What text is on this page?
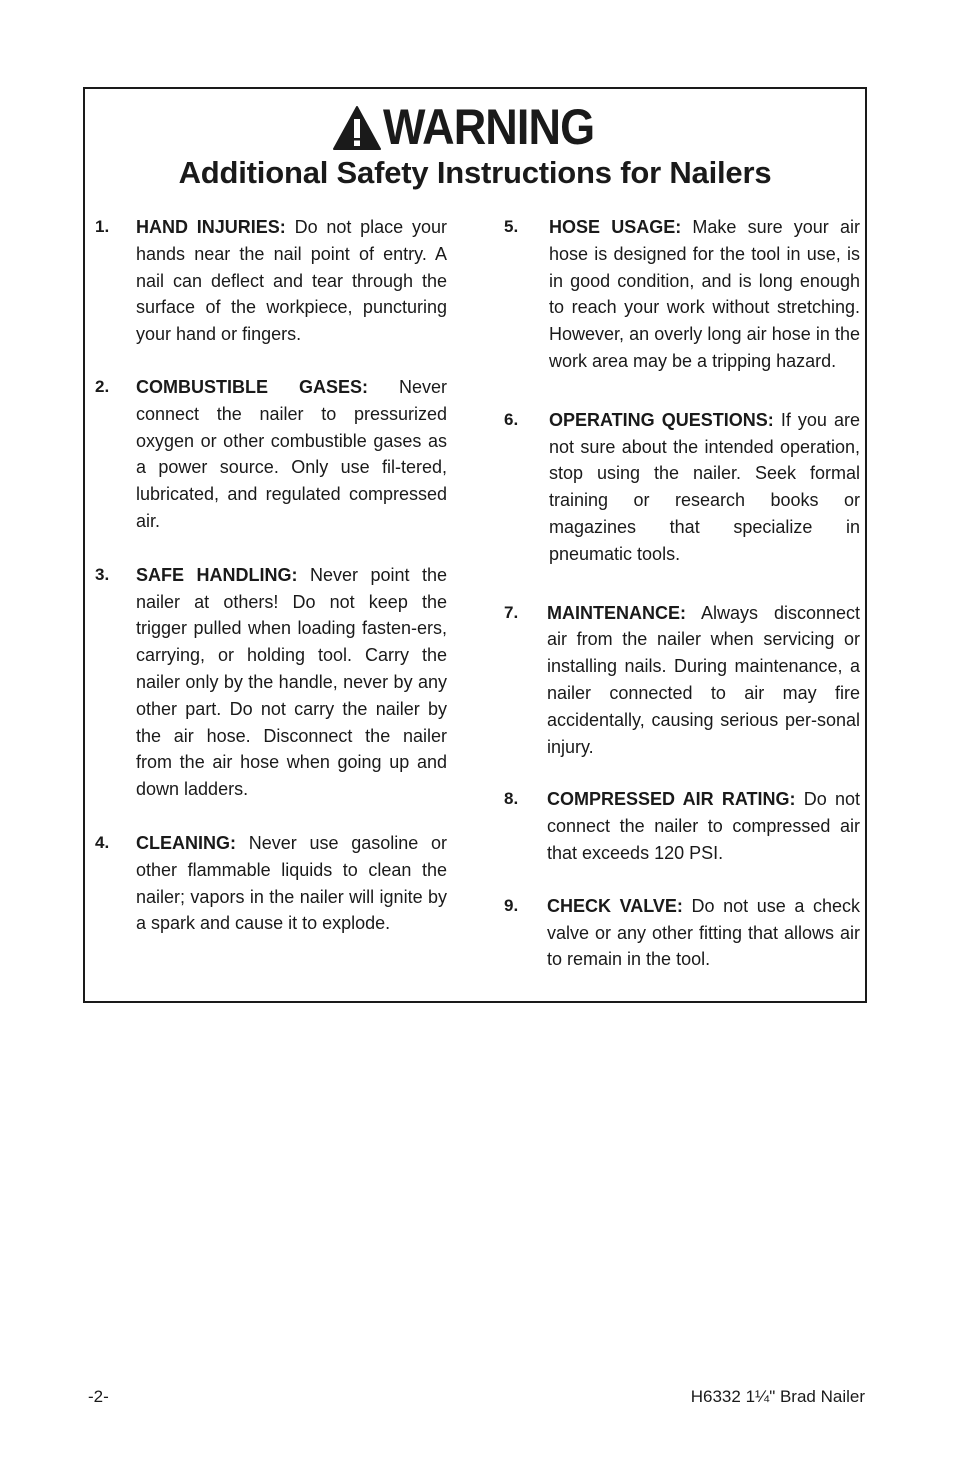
WARNING
Additional Safety Instructions for Nailers
1. HAND INJURIES: Do not place your hands near the nail point of entry. A nail can deflect and tear through the surface of the workpiece, puncturing your hand or fingers.
2. COMBUSTIBLE GASES: Never connect the nailer to pressurized oxygen or other combustible gases as a power source. Only use fil-tered, lubricated, and regulated compressed air.
3. SAFE HANDLING: Never point the nailer at others! Do not keep the trigger pulled when loading fasten-ers, carrying, or holding tool. Carry the nailer only by the handle, never by any other part. Do not carry the nailer by the air hose. Disconnect the nailer from the air hose when going up and down ladders.
4. CLEANING: Never use gasoline or other flammable liquids to clean the nailer; vapors in the nailer will ignite by a spark and cause it to explode.
5. HOSE USAGE: Make sure your air hose is designed for the tool in use, is in good condition, and is long enough to reach your work without stretching. However, an overly long air hose in the work area may be a tripping hazard.
6. OPERATING QUESTIONS: If you are not sure about the intended operation, stop using the nailer. Seek formal training or research books or magazines that specialize in pneumatic tools.
7. MAINTENANCE: Always disconnect air from the nailer when servicing or installing nails. During maintenance, a nailer connected to air may fire accidentally, causing serious per-sonal injury.
8. COMPRESSED AIR RATING: Do not connect the nailer to compressed air that exceeds 120 PSI.
9. CHECK VALVE: Do not use a check valve or any other fitting that allows air to remain in the tool.
-2-	H6332 1¼" Brad Nailer
